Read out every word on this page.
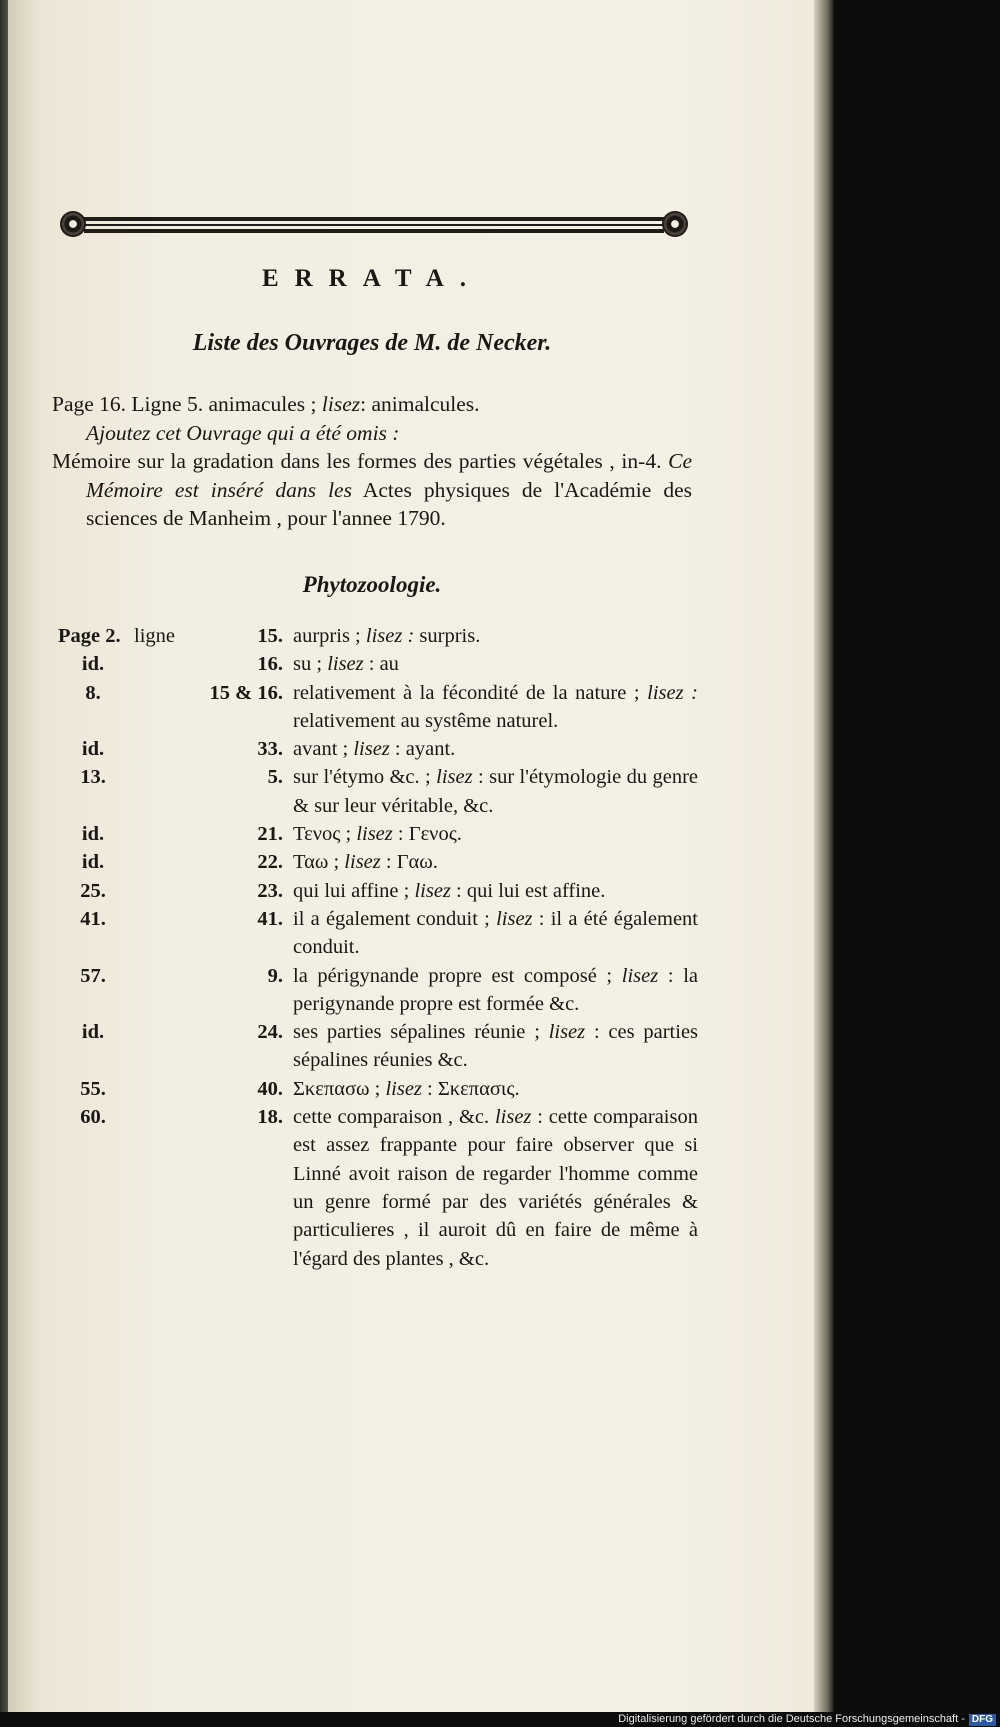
ERRATA.
Liste des Ouvrages de M. de Necker.

Page 16. Ligne 5. animacules ; lisez: animalcules.

Ajoutez cet Ouvrage qui a été omis :

Mémoire sur la gradation dans les formes des parties végétales , in-4. Ce Mémoire est inséré dans les Actes physiques de l'Académie des sciences de Manheim , pour l'annee 1790.

Phytozoologie.
Page 2. ligne	15. aurpris ; lisez : surpris.
id.	16. su ; lisez : au
8.	15 & 16. relativement à la fécondité de la nature ; lisez : relativement au systême naturel.
id.	33. avant ; lisez : ayant.
13.	5. sur l'étymo &c. ; lisez : sur l'étymologie du genre & sur leur véritable, &c.
id.	21. Τενος ; lisez : Γενος.
id.	22. Ταω ; lisez : Γαω.
25.	23. qui lui affine ; lisez : qui lui est affine.
41.	41. il a également conduit ; lisez : il a été également conduit.
57.	9. la périgynande propre est composé ; lisez : la perigynande propre est formée &c.
id.	24. ses parties sépalines réunie ; lisez : ces parties sépalines réunies &c.
55.	40. Σκεπασω ; lisez : Σκεπασις.
60.	18. cette comparaison , &c. lisez : cette comparaison est assez frappante pour faire observer que si Linné avoit raison de regarder l'homme comme un genre formé par des variétés générales & particulieres , il auroit dû en faire de même à l'égard des plantes , &c.
Digitalisierung gefördert durch die Deutsche Forschungsgemeinschaft - DFG
